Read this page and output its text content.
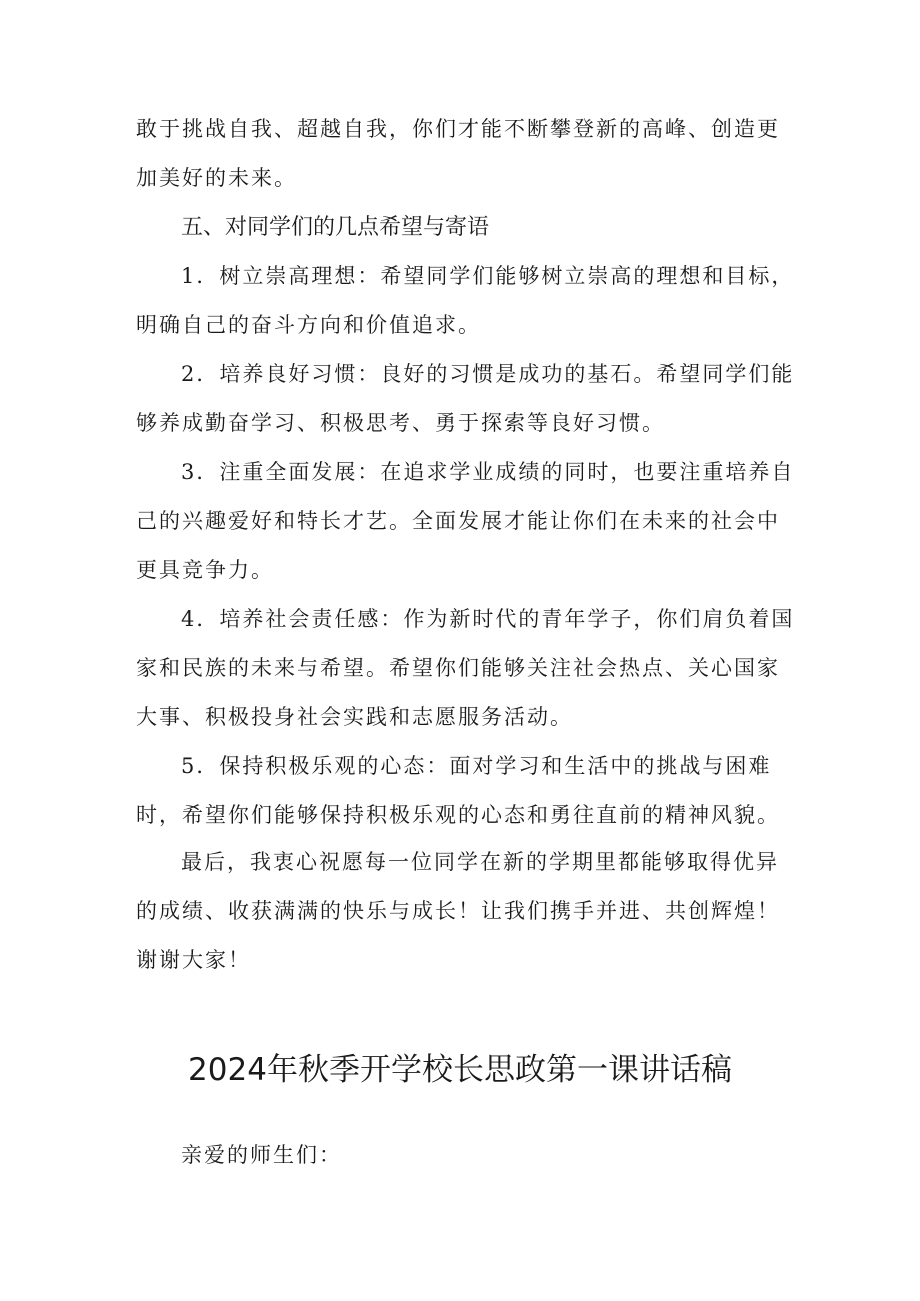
敢于挑战自我、超越自我，你们才能不断攀登新的高峰、创造更加美好的未来。

五、对同学们的几点希望与寄语

1．树立崇高理想：希望同学们能够树立崇高的理想和目标，明确自己的奋斗方向和价值追求。

2．培养良好习惯：良好的习惯是成功的基石。希望同学们能够养成勤奋学习、积极思考、勇于探索等良好习惯。

3．注重全面发展：在追求学业成绩的同时，也要注重培养自己的兴趣爱好和特长才艺。全面发展才能让你们在未来的社会中更具竞争力。

4．培养社会责任感：作为新时代的青年学子，你们肩负着国家和民族的未来与希望。希望你们能够关注社会热点、关心国家大事、积极投身社会实践和志愿服务活动。

5．保持积极乐观的心态：面对学习和生活中的挑战与困难时，希望你们能够保持积极乐观的心态和勇往直前的精神风貌。

最后，我衷心祝愿每一位同学在新的学期里都能够取得优异的成绩、收获满满的快乐与成长！让我们携手并进、共创辉煌！

谢谢大家！

2024年秋季开学校长思政第一课讲话稿

亲爱的师生们：
